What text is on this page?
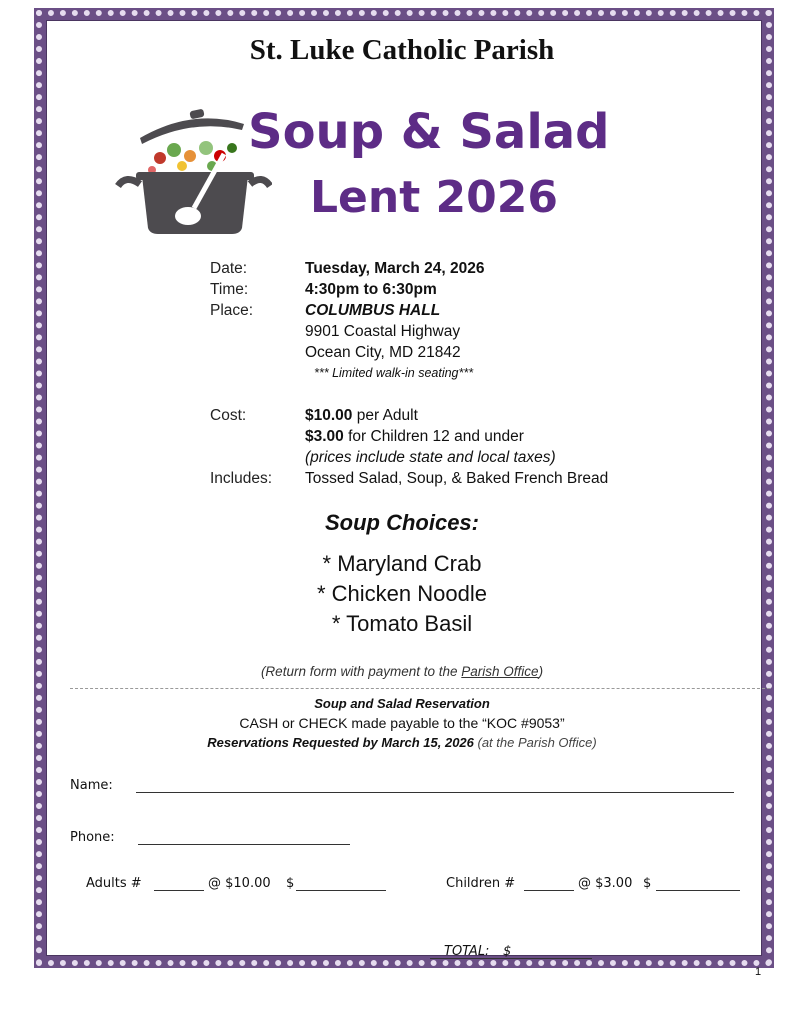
St. Luke Catholic Parish
Soup & Salad
Lent 2026
Date:	Tuesday, March 24, 2026
Time:	4:30pm to 6:30pm
Place:	COLUMBUS HALL
9901 Coastal Highway
Ocean City, MD 21842
*** Limited walk-in seating***
Cost:	$10.00 per Adult
$3.00 for Children 12 and under
(prices include state and local taxes)
Includes: Tossed Salad, Soup, & Baked French Bread
Soup Choices:
* Maryland Crab
* Chicken Noodle
* Tomato Basil
(Return form with payment to the Parish Office)
Soup and Salad Reservation
CASH or CHECK made payable to the “KOC #9053”
Reservations Requested by March 15, 2026 (at the Parish Office)
Name:
Phone:
Adults #	@ $10.00 $	Children #	@ $3.00 $
TOTAL: $
1
